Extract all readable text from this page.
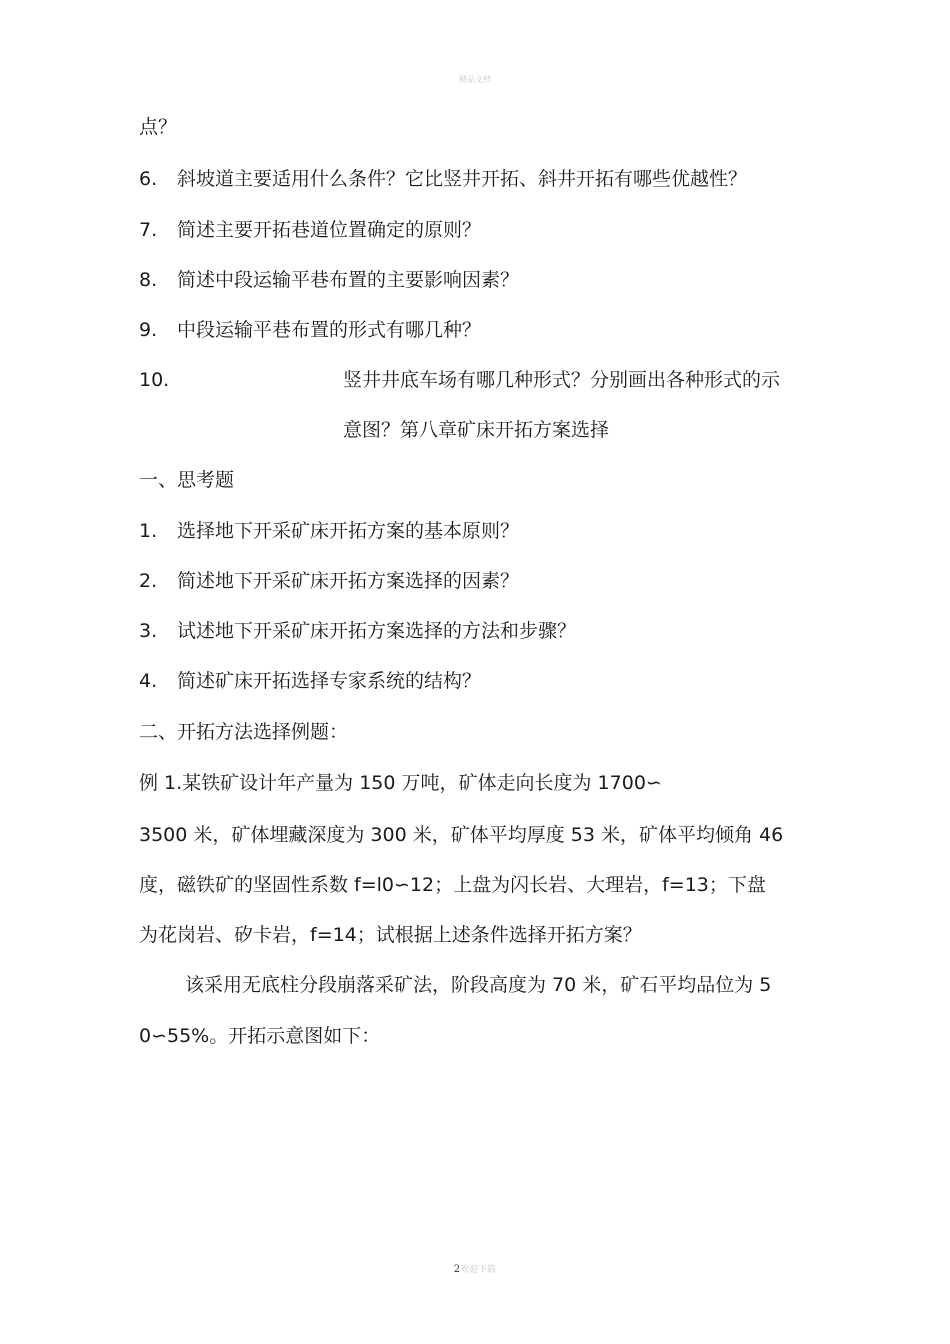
精品文档
点？
6. 斜坡道主要适用什么条件？它比竖井开拓、斜井开拓有哪些优越性？
7. 简述主要开拓巷道位置确定的原则？
8. 简述中段运输平巷布置的主要影响因素？
9. 中段运输平巷布置的形式有哪几种？
10.	竖井井底车场有哪几种形式？分别画出各种形式的示
意图？第八章矿床开拓方案选择
一、思考题
1. 选择地下开采矿床开拓方案的基本原则？
2. 简述地下开采矿床开拓方案选择的因素？
3. 试述地下开采矿床开拓方案选择的方法和步骤？
4. 简述矿床开拓选择专家系统的结构？
二、开拓方法选择例题：
例 1.某铁矿设计年产量为 150 万吨，矿体走向长度为 1700∽
3500 米，矿体埋藏深度为 300 米，矿体平均厚度 53 米，矿体平均倾角 46
度，磁铁矿的坚固性系数 f=l0∽12；上盘为闪长岩、大理岩，f=13；下盘
为花岗岩、矽卡岩，f=14；试根据上述条件选择开拓方案？
该采用无底柱分段崩落采矿法，阶段高度为 70 米，矿石平均品位为 5
0∽55%。开拓示意图如下：
2欢迎下载
